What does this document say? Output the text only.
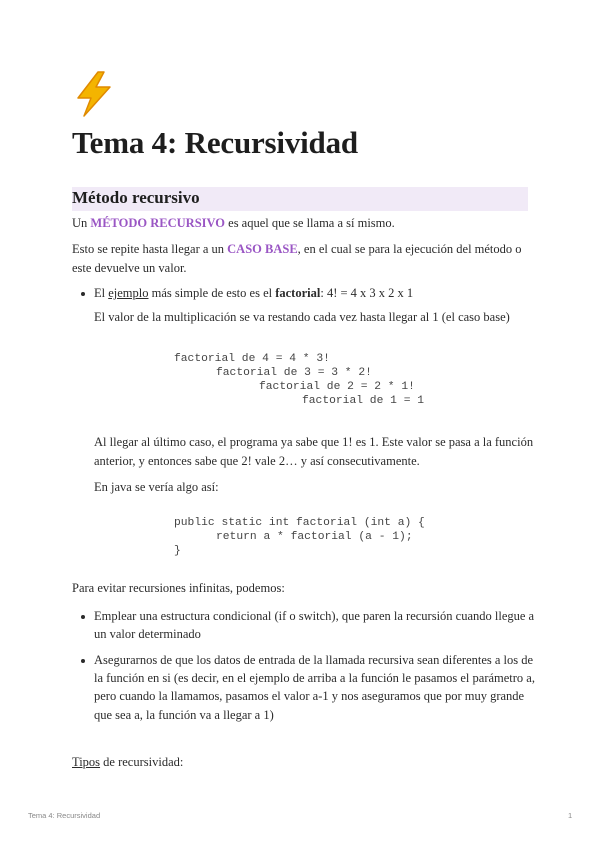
Tema 4: Recursividad
Método recursivo

Un MÉTODO RECURSIVO es aquel que se llama a sí mismo.

Esto se repite hasta llegar a un CASO BASE, en el cual se para la ejecución del método o

este devuelve un valor.

El ejemplo más simple de esto es el factorial: 4! = 4 x 3 x 2 x 1

El valor de la multiplicación se va restando cada vez hasta llegar al 1 (el caso base)

factorial de 4 = 4 * 3!
factorial de 3 = 3 * 2!
factorial de 2 = 2 * 1!
factorial de 1 = 1

Al llegar al último caso, el programa ya sabe que 1! es 1. Este valor se pasa a la función

anterior, y entonces sabe que 2! vale 2… y así consecutivamente.

En java se vería algo así:

public static int factorial (int a) {
return a * factorial (a - 1);
}

Para evitar recursiones infinitas, podemos:

Emplear una estructura condicional (if o switch), que paren la recursión cuando llegue a

un valor determinado

Asegurarnos de que los datos de entrada de la llamada recursiva sean diferentes a los de

la función en si (es decir, en el ejemplo de arriba a la función le pasamos el parámetro a,

pero cuando la llamamos, pasamos el valor a-1 y nos aseguramos que por muy grande

que sea a, la función va a llegar a 1)

Tipos de recursividad:

Tema 4: Recursividad	1
